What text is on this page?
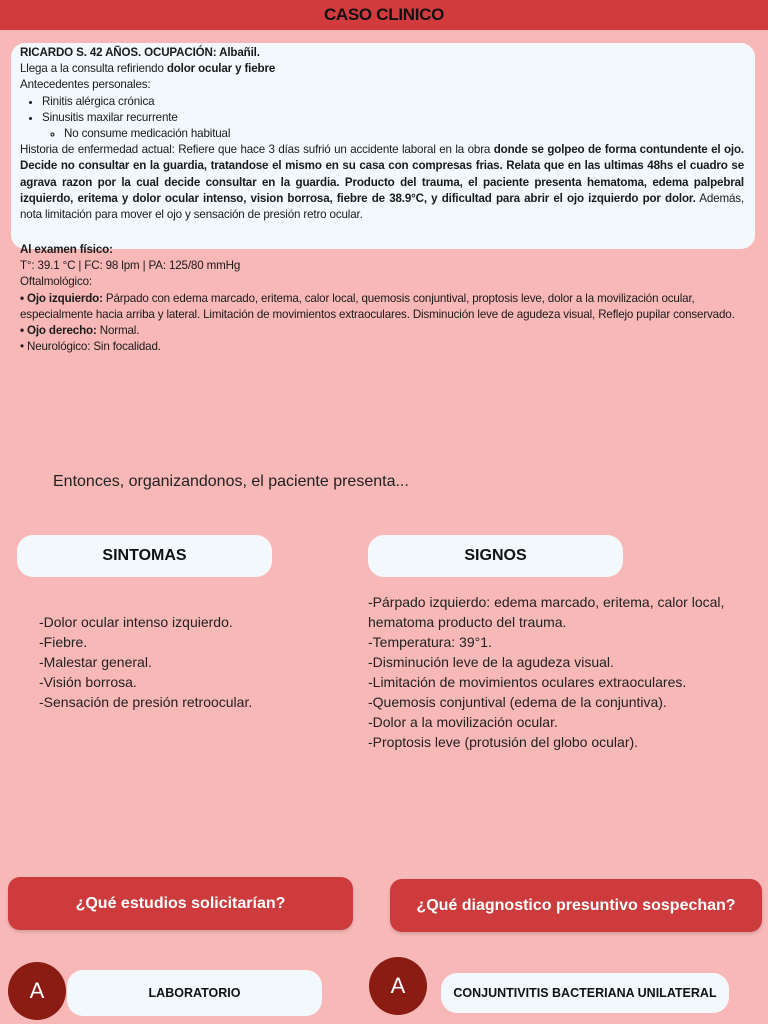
CASO CLINICO

RICARDO S. 42 AÑOS. OCUPACIÓN: Albañil.

Llega a la consulta refiriendo dolor ocular y fiebre

Antecedentes personales:

• Rinitis alérgica crónica
• Sinusitis maxilar recurrente
◦ No consume medicación habitual

Historia de enfermedad actual: Refiere que hace 3 días sufrió un accidente laboral en la obra donde se golpeo de forma contundente el ojo. Decide no consultar en la guardia, tratandose el mismo en su casa con compresas frias. Relata que en las ultimas 48hs el cuadro se agrava razon por la cual decide consultar en la guardia. Producto del trauma, el paciente presenta hematoma, edema palpebral izquierdo, eritema y dolor ocular intenso, vision borrosa, fiebre de 38.9°C, y dificultad para abrir el ojo izquierdo por dolor. Además, nota limitación para mover el ojo y sensación de presión retro ocular.

Al examen físico:

T°: 39.1 °C | FC: 98 lpm | PA: 125/80 mmHg

Oftalmológico:

• Ojo izquierdo: Párpado con edema marcado, eritema, calor local, quemosis conjuntival, proptosis leve, dolor a la movilización ocular, especialmente hacia arriba y lateral. Limitación de movimientos extraoculares. Disminución leve de agudeza visual, Reflejo pupilar conservado.

• Ojo derecho: Normal.

• Neurológico: Sin focalidad.

Entonces, organizandonos, el paciente presenta...
SINTOMAS	SIGNOS

-Dolor ocular intenso izquierdo.

-Fiebre.

-Malestar general.

-Visión borrosa.

-Sensación de presión retroocular.

-Párpado izquierdo: edema marcado, eritema, calor local, hematoma producto del trauma.

-Temperatura: 39°1.

-Disminución leve de la agudeza visual.

-Limitación de movimientos oculares extraoculares.

-Quemosis conjuntival (edema de la conjuntiva).

-Dolor a la movilización ocular.

-Proptosis leve (protusión del globo ocular).

¿Qué estudios solicitarían?	¿Qué diagnostico presuntivo sospechan?
A	LABORATORIO	A	CONJUNTIVITIS BACTERIANA UNILATERAL
